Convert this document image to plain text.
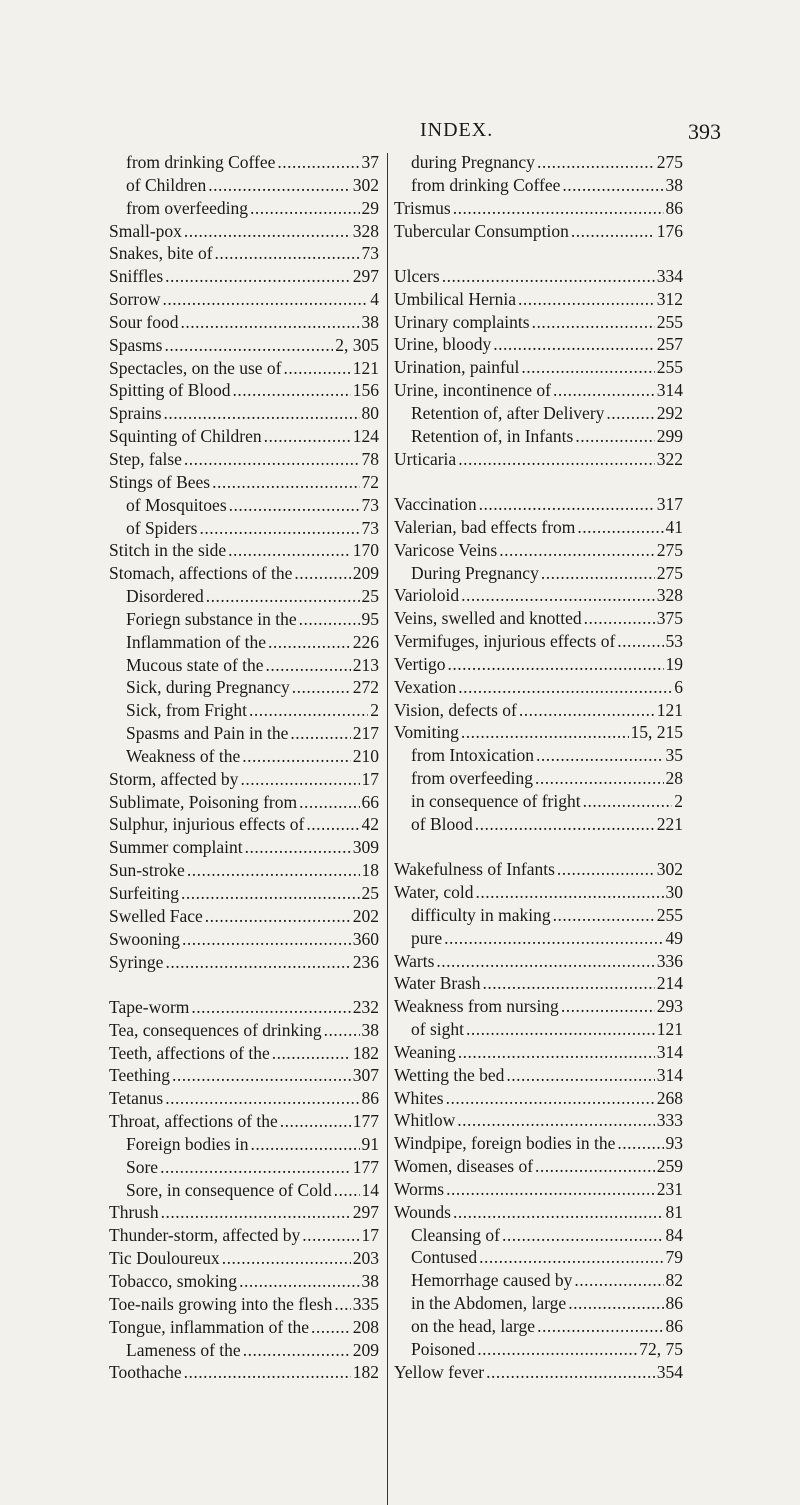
INDEX.	393
from drinking Coffee .....	37
of Children .....	302
from overfeeding .....	29
Small-pox .....	328
Snakes, bite of .....	73
Sniffles .....	297
Sorrow .....	4
Sour food .....	38
Spasms .....	2, 305
Spectacles, on the use of .....	121
Spitting of Blood .....	156
Sprains .....	80
Squinting of Children .....	124
Step, false .....	78
Stings of Bees .....	72
of Mosquitoes .....	73
of Spiders .....	73
Stitch in the side .....	170
Stomach, affections of the .....	209
Disordered .....	25
Foriegn substance in the .....	95
Inflammation of the .....	226
Mucous state of the .....	213
Sick, during Pregnancy .....	272
Sick, from Fright .....	2
Spasms and Pain in the .....	217
Weakness of the .....	210
Storm, affected by .....	17
Sublimate, Poisoning from .....	66
Sulphur, injurious effects of .....	42
Summer complaint .....	309
Sun-stroke .....	18
Surfeiting .....	25
Swelled Face .....	202
Swooning .....	360
Syringe .....	236
Tape-worm .....	232
Tea, consequences of drinking ..... 38
Teeth, affections of the .....	182
Teething .....	307
Tetanus .....	86
Throat, affections of the .....	177
Foreign bodies in .....	91
Sore .....	177
Sore, in consequence of Cold ..... 14
Thrush .....	297
Thunder-storm, affected by .....	17
Tic Douloureux .....	203
Tobacco, smoking .....	38
Toe-nails growing into the flesh ..... 335
Tongue, inflammation of the .....	208
Lameness of the .....	209
Toothache .....	182
during Pregnancy .....	275
from drinking Coffee .....	38
Trismus .....	86
Tubercular Consumption .....	176
Ulcers .....	334
Umbilical Hernia .....	312
Urinary complaints .....	255
Urine, bloody .....	257
Urination, painful .....	255
Urine, incontinence of .....	314
Retention of, after Delivery .....	292
Retention of, in Infants .....	299
Urticaria .....	322
Vaccination .....	317
Valerian, bad effects from .....	41
Varicose Veins .....	275
During Pregnancy .....	275
Varioloid .....	328
Veins, swelled and knotted .....	375
Vermifuges, injurious effects of .....	53
Vertigo .....	19
Vexation .....	6
Vision, defects of .....	121
Vomiting .....	15, 215
from Intoxication .....	35
from overfeeding .....	28
in consequence of fright .....	2
of Blood .....	221
Wakefulness of Infants .....	302
Water, cold .....	30
difficulty in making .....	255
pure .....	49
Warts .....	336
Water Brash .....	214
Weakness from nursing .....	293
of sight .....	121
Weaning .....	314
Wetting the bed .....	314
Whites .....	268
Whitlow .....	333
Windpipe, foreign bodies in the .....	93
Women, diseases of .....	259
Worms .....	231
Wounds .....	81
Cleansing of .....	84
Contused .....	79
Hemorrhage caused by .....	82
in the Abdomen, large .....	86
on the head, large .....	86
Poisoned .....	72, 75
Yellow fever .....	354
